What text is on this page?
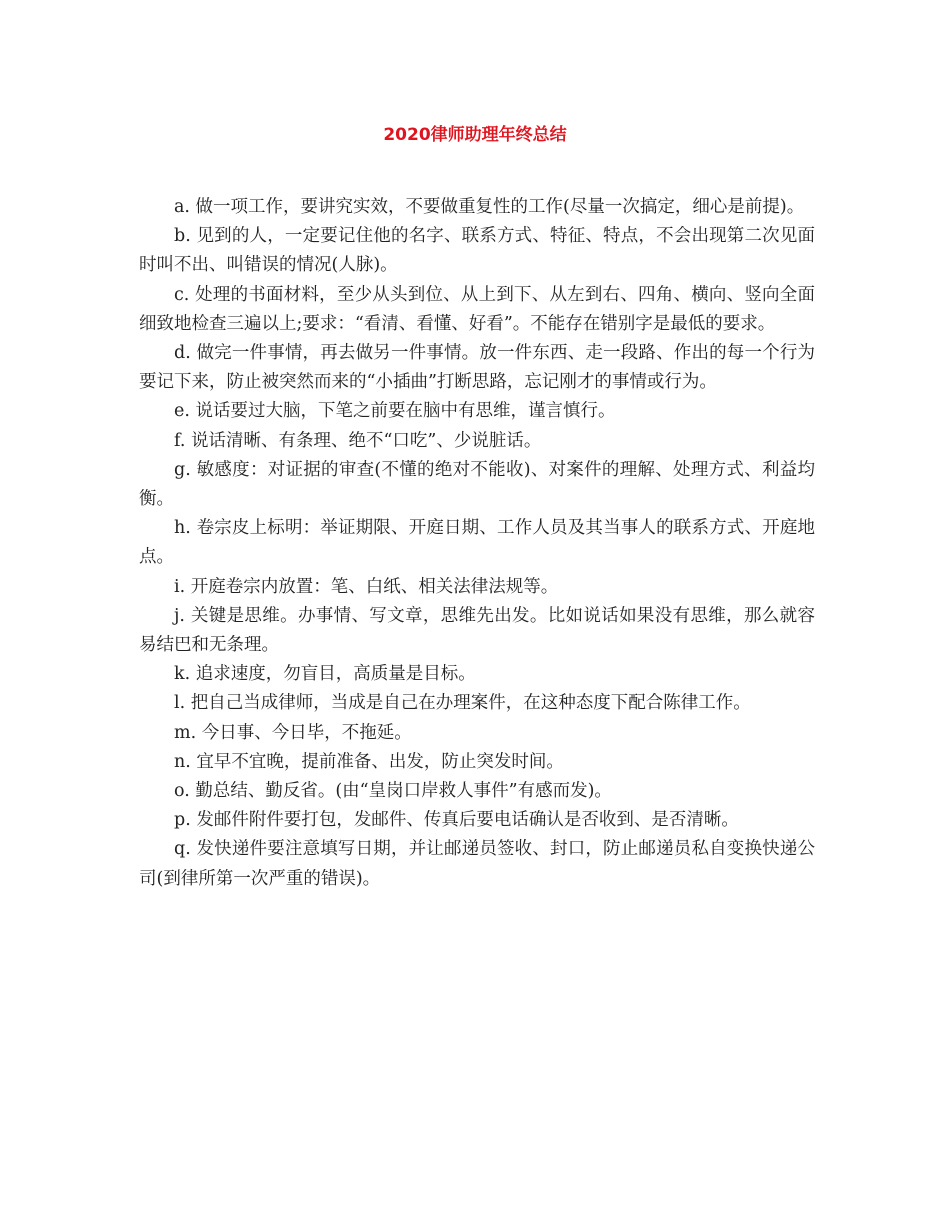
2020律师助理年终总结

a. 做一项工作，要讲究实效，不要做重复性的工作(尽量一次搞定，细心是前提)。

b. 见到的人，一定要记住他的名字、联系方式、特征、特点，不会出现第二次见面时叫不出、叫错误的情况(人脉)。

c. 处理的书面材料，至少从头到位、从上到下、从左到右、四角、横向、竖向全面细致地检查三遍以上;要求：“看清、看懂、好看”。不能存在错别字是最低的要求。

d. 做完一件事情，再去做另一件事情。放一件东西、走一段路、作出的每一个行为要记下来，防止被突然而来的“小插曲”打断思路，忘记刚才的事情或行为。

e. 说话要过大脑，下笔之前要在脑中有思维，谨言慎行。

f. 说话清晰、有条理、绝不“口吃”、少说脏话。

g. 敏感度：对证据的审查(不懂的绝对不能收)、对案件的理解、处理方式、利益均衡。

h. 卷宗皮上标明：举证期限、开庭日期、工作人员及其当事人的联系方式、开庭地点。

i. 开庭卷宗内放置：笔、白纸、相关法律法规等。

j. 关键是思维。办事情、写文章，思维先出发。比如说话如果没有思维，那么就容易结巴和无条理。

k. 追求速度，勿盲目，高质量是目标。

l. 把自己当成律师，当成是自己在办理案件，在这种态度下配合陈律工作。

m. 今日事、今日毕，不拖延。

n. 宜早不宜晚，提前准备、出发，防止突发时间。

o. 勤总结、勤反省。(由“皇岗口岸救人事件”有感而发)。

p. 发邮件附件要打包，发邮件、传真后要电话确认是否收到、是否清晰。

q. 发快递件要注意填写日期，并让邮递员签收、封口，防止邮递员私自变换快递公司(到律所第一次严重的错误)。
